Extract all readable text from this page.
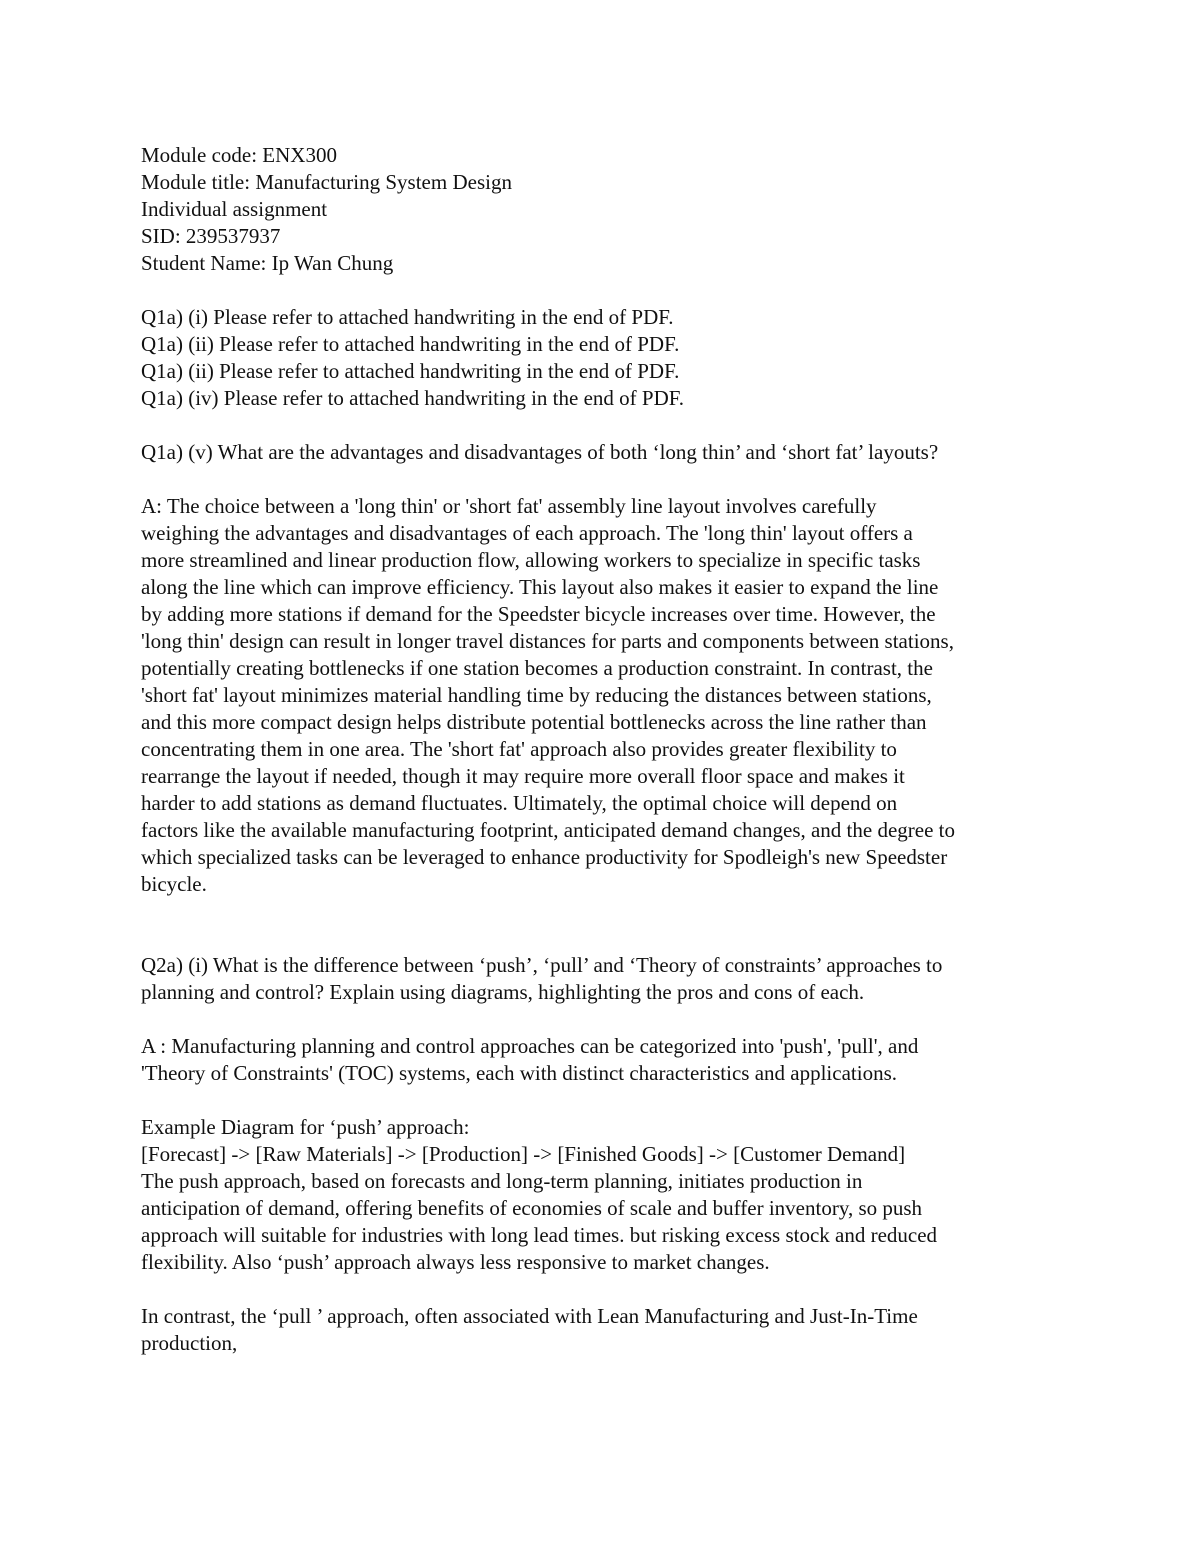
Module code: ENX300
Module title: Manufacturing System Design
Individual assignment
SID: 239537937
Student Name: Ip Wan Chung
Q1a) (i) Please refer to attached handwriting in the end of PDF.
Q1a) (ii) Please refer to attached handwriting in the end of PDF.
Q1a) (ii) Please refer to attached handwriting in the end of PDF.
Q1a) (iv) Please refer to attached handwriting in the end of PDF.
Q1a) (v) What are the advantages and disadvantages of both ‘long thin’ and ‘short fat’ layouts?
A: The choice between a 'long thin' or 'short fat' assembly line layout involves carefully
weighing the advantages and disadvantages of each approach. The 'long thin' layout offers a
more streamlined and linear production flow, allowing workers to specialize in specific tasks
along the line which can improve efficiency. This layout also makes it easier to expand the line
by adding more stations if demand for the Speedster bicycle increases over time. However, the
'long thin' design can result in longer travel distances for parts and components between stations,
potentially creating bottlenecks if one station becomes a production constraint. In contrast, the
'short fat' layout minimizes material handling time by reducing the distances between stations,
and this more compact design helps distribute potential bottlenecks across the line rather than
concentrating them in one area. The 'short fat' approach also provides greater flexibility to
rearrange the layout if needed, though it may require more overall floor space and makes it
harder to add stations as demand fluctuates. Ultimately, the optimal choice will depend on
factors like the available manufacturing footprint, anticipated demand changes, and the degree to
which specialized tasks can be leveraged to enhance productivity for Spodleigh's new Speedster
bicycle.
Q2a) (i) What is the difference between ‘push’, ‘pull’ and ‘Theory of constraints’ approaches to
planning and control? Explain using diagrams, highlighting the pros and cons of each.
A : Manufacturing planning and control approaches can be categorized into 'push', 'pull', and
'Theory of Constraints' (TOC) systems, each with distinct characteristics and applications.
Example Diagram for ‘push’ approach:
[Forecast] -> [Raw Materials] -> [Production] -> [Finished Goods] -> [Customer Demand]
The push approach, based on forecasts and long-term planning, initiates production in
anticipation of demand, offering benefits of economies of scale and buffer inventory, so push
approach will suitable for industries with long lead times. but risking excess stock and reduced
flexibility. Also ‘push’ approach always less responsive to market changes.
In contrast, the ‘pull ’ approach, often associated with Lean Manufacturing and Just-In-Time
production,
